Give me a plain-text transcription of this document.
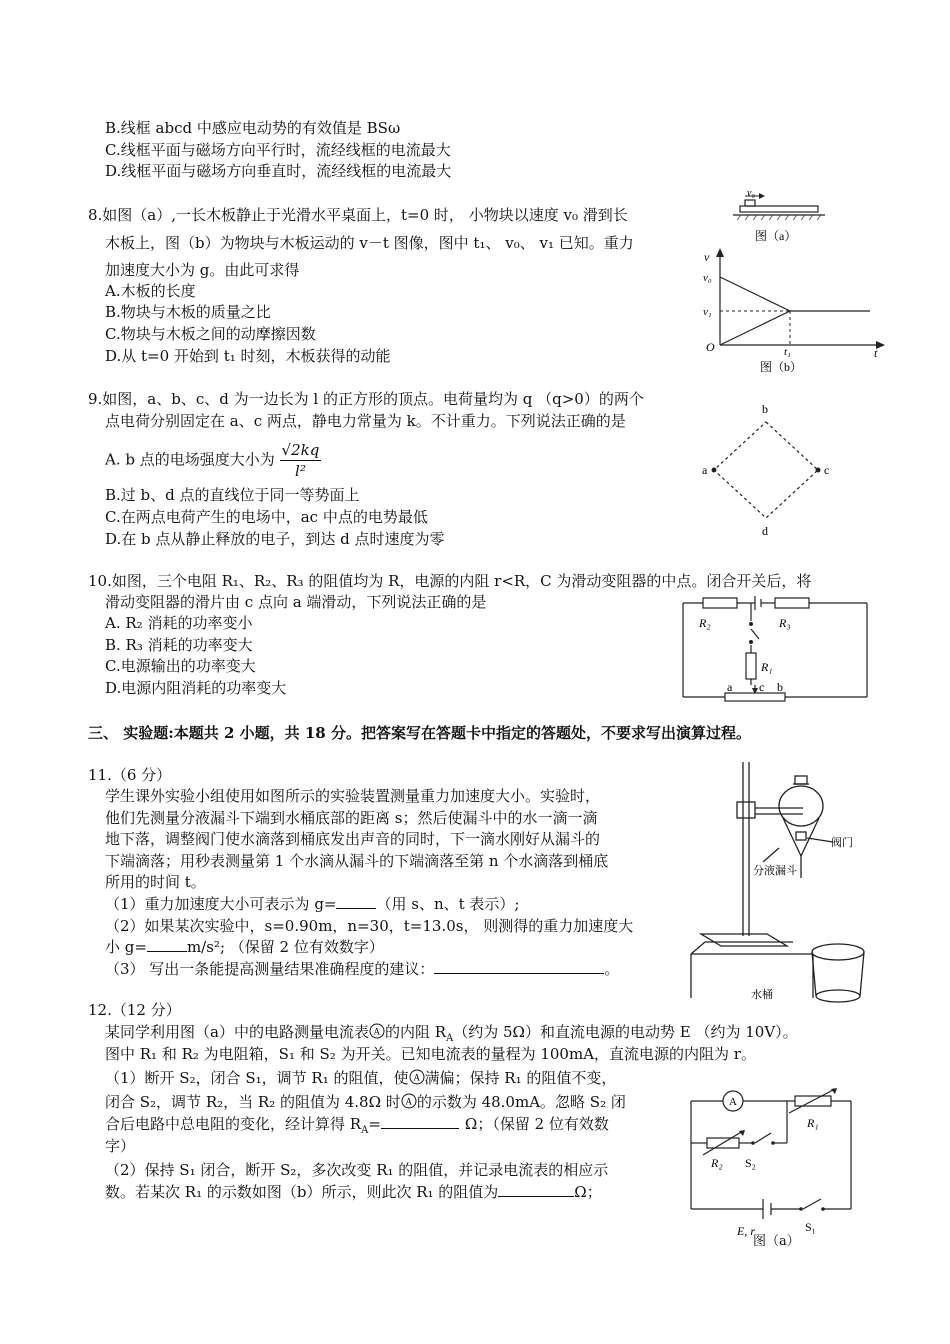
B.线框 abcd 中感应电动势的有效值是 BSω
C.线框平面与磁场方向平行时，流经线框的电流最大
D.线框平面与磁场方向垂直时，流经线框的电流最大
8.如图（a）,一长木板静止于光滑水平桌面上，t=0 时， 小物块以速度 v₀ 滑到长
木板上，图（b）为物块与木板运动的 v－t 图像，图中 t₁、 v₀、 v₁ 已知。重力
加速度大小为 g。由此可求得
A.木板的长度
B.物块与木板的质量之比
C.物块与木板之间的动摩擦因数
D.从 t=0 开始到 t₁ 时刻，木板获得的动能
v₀
图（a）
v
v₀
v₁
O	t₁	t
图（b）
9.如图，a、b、c、d 为一边长为 l 的正方形的顶点。电荷量均为 q （q>0）的两个
点电荷分别固定在 a、c 两点，静电力常量为 k。不计重力。下列说法正确的是
A. b 点的电场强度大小为 $\frac{√2kq}{\text{l²}}$
B.过 b、d 点的直线位于同一等势面上
C.在两点电荷产生的电场中，ac 中点的电势最低
D.在 b 点从静止释放的电子，到达 d 点时速度为零
b
a	c
d
10.如图，三个电阻 R₁、R₂、R₃ 的阻值均为 R，电源的内阻 r<R，C 为滑动变阻器的中点。闭合开关后，将
滑动变阻器的滑片由 c 点向 a 端滑动，下列说法正确的是
A. R₂ 消耗的功率变小
B. R₃ 消耗的功率变大
C.电源输出的功率变大
D.电源内阻消耗的功率变大
R₂	R₃
R₁
a c b
三、 实验题:本题共 2 小题，共 18 分。把答案写在答题卡中指定的答题处，不要求写出演算过程。
11.（6 分）
学生课外实验小组使用如图所示的实验装置测量重力加速度大小。实验时，
他们先测量分液漏斗下端到水桶底部的距离 s；然后使漏斗中的水一滴一滴
地下落，调整阀门使水滴落到桶底发出声音的同时，下一滴水刚好从漏斗的
下端滴落；用秒表测量第 1 个水滴从漏斗的下端滴落至第 n 个水滴落到桶底
所用的时间 t。
（1）重力加速度大小可表示为 g=	（用 s、n、t 表示）;
（2）如果某次实验中，s=0.90m，n=30，t=13.0s， 则测得的重力加速度大
小 g=	m/s²; （保留 2 位有效数字）
（3） 写出一条能提高测量结果准确程度的建议：	。
阀门
分液漏斗
水桶
12.（12 分）
某同学利用图（a）中的电路测量电流表 A 的内阻 $R_A$（约为 5Ω）和直流电源的电动势 E （约为 10V）。
图中 R₁ 和 R₂ 为电阻箱，S₁ 和 S₂ 为开关。已知电流表的量程为 100mA，直流电源的内阻为 r。
（1）断开 S₂，闭合 S₁，调节 R₁ 的阻值，使 A 满偏；保持 R₁ 的阻值不变，
闭合 S₂，调节 R₂，当 R₂ 的阻值为 4.8Ω 时 A 的示数为 48.0mA。忽略 S₂ 闭
合后电路中总电阻的变化，经计算得 $R_A=$	Ω；（保留 2 位有效数
字）
（2）保持 S₁ 闭合，断开 S₂，多次改变 R₁ 的阻值，并记录电流表的相应示
数。若某次 R₁ 的示数如图（b）所示，则此次 R₁ 的阻值为	Ω；
A
R₁
R₂ S₂
E, r	S₁
图（a）
